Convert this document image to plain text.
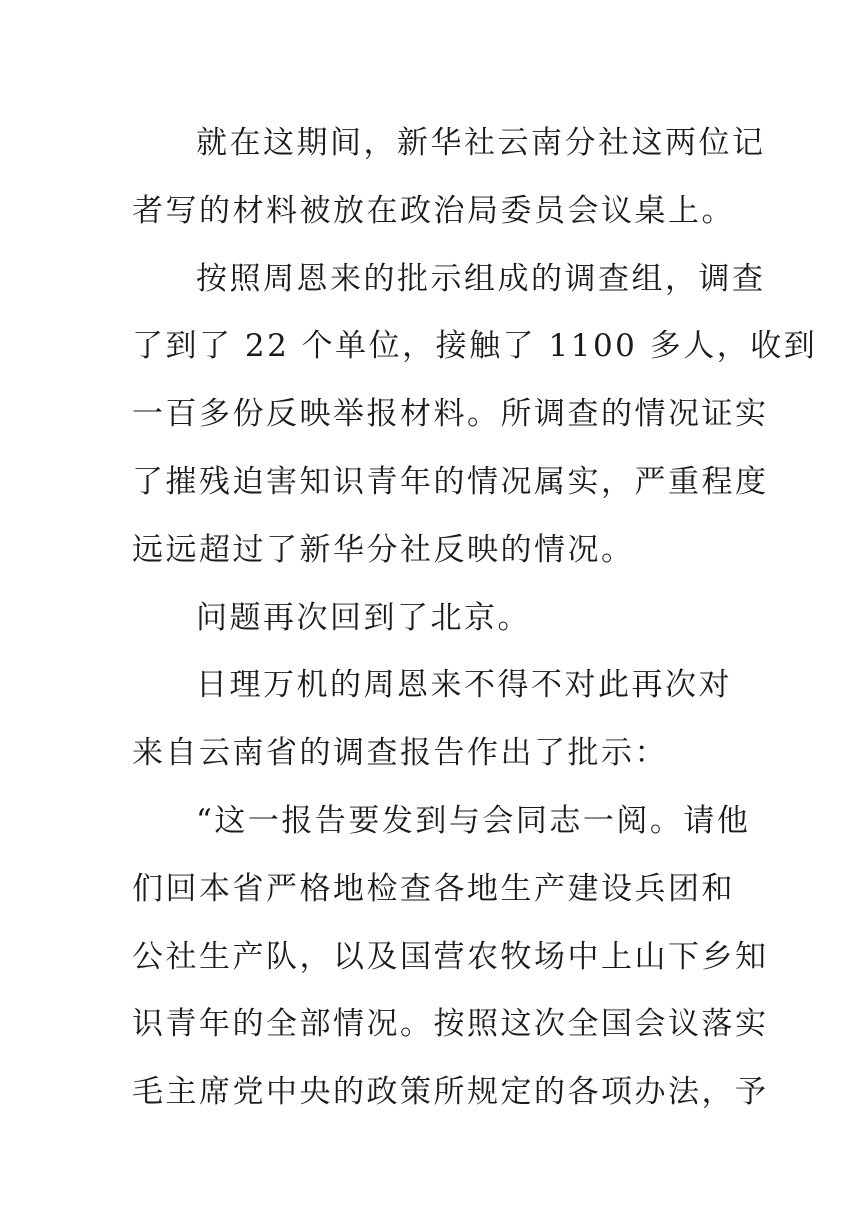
就在这期间，新华社云南分社这两位记
者写的材料被放在政治局委员会议桌上。
按照周恩来的批示组成的调查组，调查
了到了 22 个单位，接触了 1100 多人，收到
一百多份反映举报材料。所调查的情况证实
了摧残迫害知识青年的情况属实，严重程度
远远超过了新华分社反映的情况。
问题再次回到了北京。
日理万机的周恩来不得不对此再次对
来自云南省的调查报告作出了批示：
“这一报告要发到与会同志一阅。请他
们回本省严格地检查各地生产建设兵团和
公社生产队，以及国营农牧场中上山下乡知
识青年的全部情况。按照这次全国会议落实
毛主席党中央的政策所规定的各项办法，予
